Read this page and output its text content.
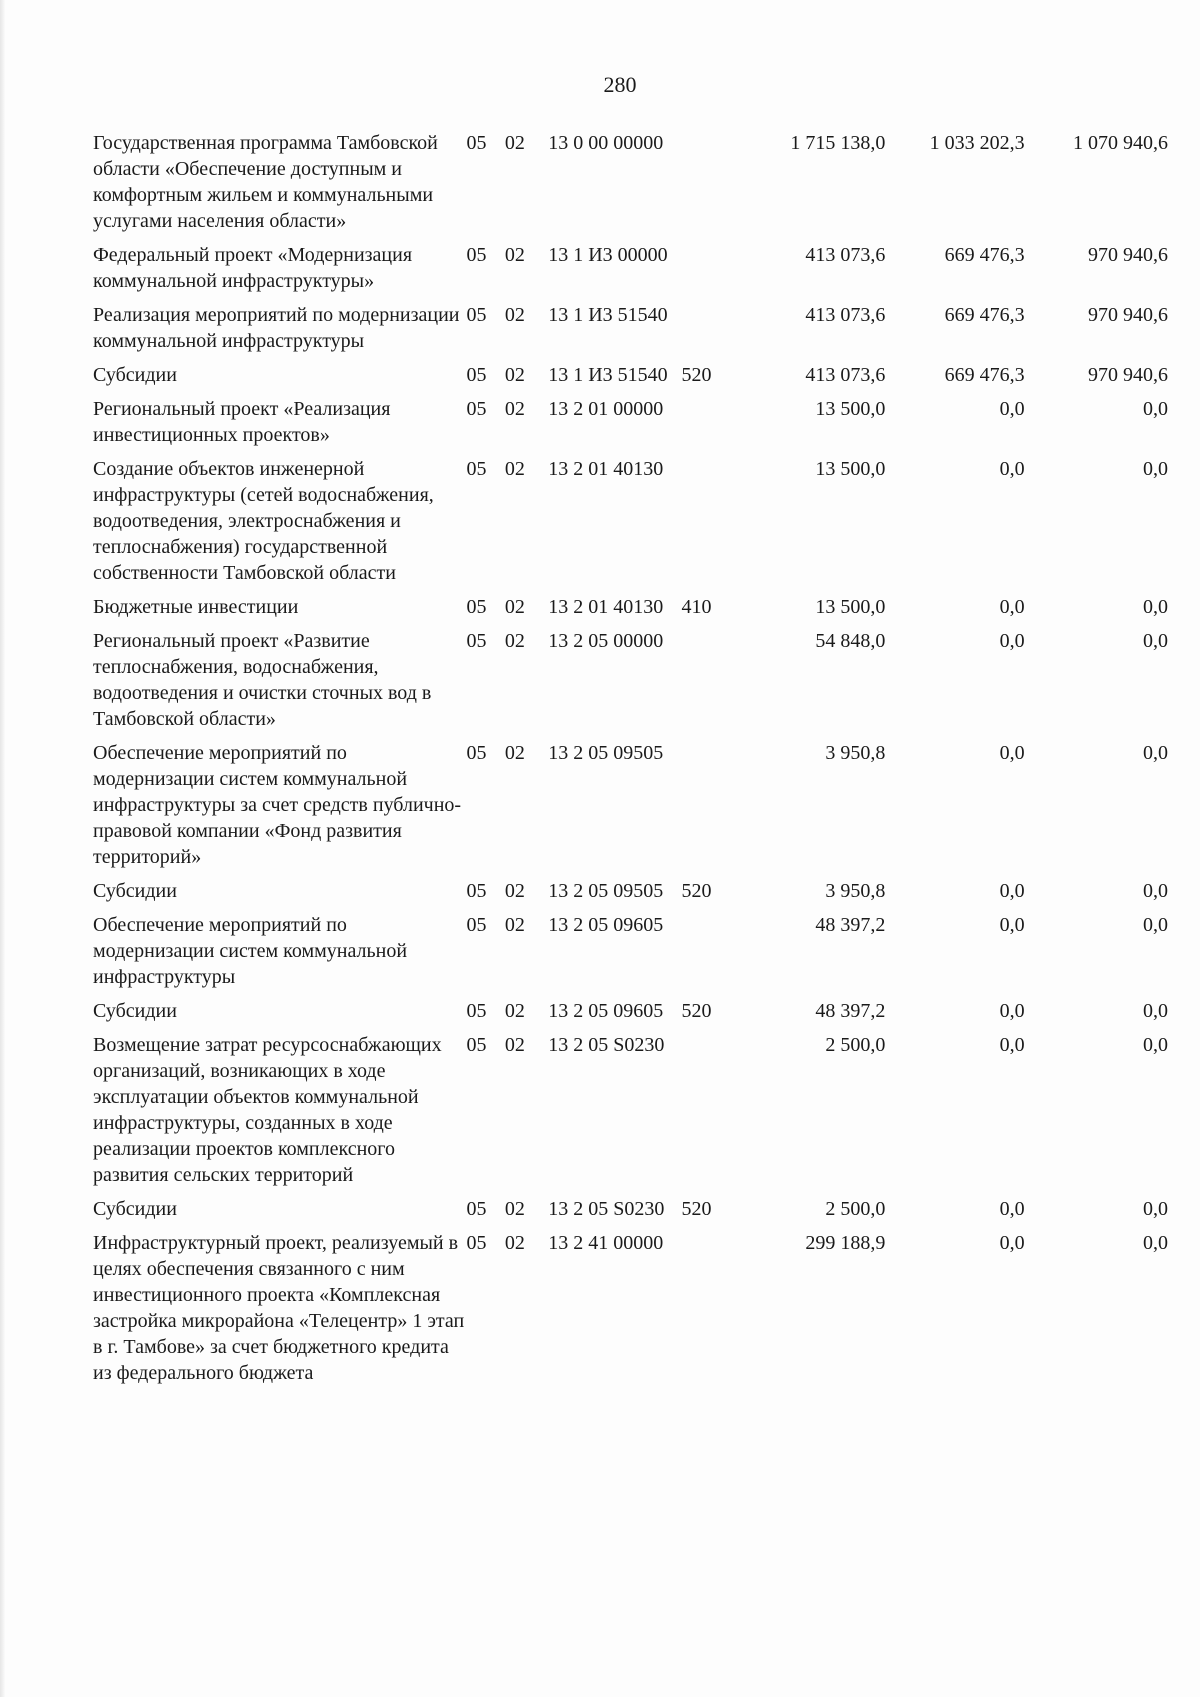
280
Государственная программа Тамбовской области «Обеспечение доступным и комфортным жильем и коммунальными услугами населения области»	05	02	13 0 00 00000		1 715 138,0	1 033 202,3	1 070 940,6
Федеральный проект «Модернизация коммунальной инфраструктуры»	05	02	13 1 И3 00000		413 073,6	669 476,3	970 940,6
Реализация мероприятий по модернизации коммунальной инфраструктуры	05	02	13 1 И3 51540		413 073,6	669 476,3	970 940,6
Субсидии	05	02	13 1 И3 51540	520	413 073,6	669 476,3	970 940,6
Региональный проект «Реализация инвестиционных проектов»	05	02	13 2 01 00000		13 500,0	0,0	0,0
Создание объектов инженерной инфраструктуры (сетей водоснабжения, водоотведения, электроснабжения и теплоснабжения) государственной собственности Тамбовской области	05	02	13 2 01 40130		13 500,0	0,0	0,0
Бюджетные инвестиции	05	02	13 2 01 40130	410	13 500,0	0,0	0,0
Региональный проект «Развитие теплоснабжения, водоснабжения, водоотведения и очистки сточных вод в Тамбовской области»	05	02	13 2 05 00000		54 848,0	0,0	0,0
Обеспечение мероприятий по модернизации систем коммунальной инфраструктуры за счет средств публично-правовой компании «Фонд развития территорий»	05	02	13 2 05 09505		3 950,8	0,0	0,0
Субсидии	05	02	13 2 05 09505	520	3 950,8	0,0	0,0
Обеспечение мероприятий по модернизации систем коммунальной инфраструктуры	05	02	13 2 05 09605		48 397,2	0,0	0,0
Субсидии	05	02	13 2 05 09605	520	48 397,2	0,0	0,0
Возмещение затрат ресурсоснабжающих организаций, возникающих в ходе эксплуатации объектов коммунальной инфраструктуры, созданных в ходе реализации проектов комплексного развития сельских территорий	05	02	13 2 05 S0230		2 500,0	0,0	0,0
Субсидии	05	02	13 2 05 S0230	520	2 500,0	0,0	0,0
Инфраструктурный проект, реализуемый в целях обеспечения связанного с ним инвестиционного проекта «Комплексная застройка микрорайона «Телецентр» 1 этап в г. Тамбове» за счет бюджетного кредита из федерального бюджета	05	02	13 2 41 00000		299 188,9	0,0	0,0
